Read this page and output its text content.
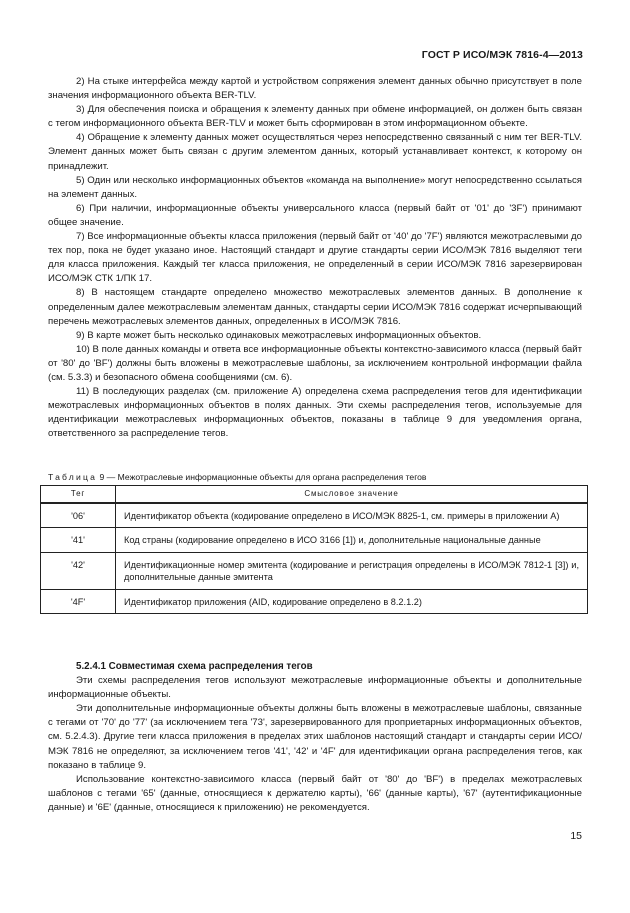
ГОСТ Р ИСО/МЭК 7816-4—2013

2) На стыке интерфейса между картой и устройством сопряжения элемент данных обычно присутствует в поле значения информационного объекта BER-TLV.

3) Для обеспечения поиска и обращения к элементу данных при обмене информацией, он должен быть связан с тегом информационного объекта BER-TLV и может быть сформирован в этом информационном объекте.

4) Обращение к элементу данных может осуществляться через непосредственно связанный с ним тег BER-TLV. Элемент данных может быть связан с другим элементом данных, который устанавливает контекст, к которому он принадлежит.

5) Один или несколько информационных объектов «команда на выполнение» могут непосредственно ссылаться на элемент данных.

6) При наличии, информационные объекты универсального класса (первый байт от '01' до '3F') принимают общее значение.

7) Все информационные объекты класса приложения (первый байт от '40' до '7F') являются межотраслевыми до тех пор, пока не будет указано иное. Настоящий стандарт и другие стандарты серии ИСО/МЭК 7816 выделяют теги для класса приложения. Каждый тег класса приложения, не определенный в серии ИСО/МЭК 7816 зарезервирован ИСО/МЭК СТК 1/ПК 17.

8) В настоящем стандарте определено множество межотраслевых элементов данных. В дополнение к определенным далее межотраслевым элементам данных, стандарты серии ИСО/МЭК 7816 содержат исчерпывающий перечень межотраслевых элементов данных, определенных в ИСО/МЭК 7816.

9) В карте может быть несколько одинаковых межотраслевых информационных объектов.

10) В поле данных команды и ответа все информационные объекты контекстно-зависимого класса (первый байт от '80' до 'BF') должны быть вложены в межотраслевые шаблоны, за исключением контрольной информации файла (см. 5.3.3) и безопасного обмена сообщениями (см. 6).

11) В последующих разделах (см. приложение А) определена схема распределения тегов для идентификации межотраслевых информационных объектов в полях данных. Эти схемы распределения тегов, используемые для идентификации межотраслевых информационных объектов, показаны в таблице 9 для уведомления органа, ответственного за распределение тегов.

Таблица 9 — Межотраслевые информационные объекты для органа распределения тегов
Тег	Смысловое значение
'06'	Идентификатор объекта (кодирование определено в ИСО/МЭК 8825-1, см. примеры в приложении А)
'41'	Код страны (кодирование определено в ИСО 3166 [1]) и, дополнительные национальные данные
'42'	Идентификационные номер эмитента (кодирование и регистрация определены в ИСО/МЭК 7812-1 [3]) и, дополнительные данные эмитента
'4F'	Идентификатор приложения (AID, кодирование определено в 8.2.1.2)
5.2.4.1 Совместимая схема распределения тегов

Эти схемы распределения тегов используют межотраслевые информационные объекты и дополнительные информационные объекты.

Эти дополнительные информационные объекты должны быть вложены в межотраслевые шаблоны, связанные с тегами от '70' до '77' (за исключением тега '73', зарезервированного для проприетарных информационных объектов, см. 5.2.4.3). Другие теги класса приложения в пределах этих шаблонов настоящий стандарт и стандарты серии ИСО/МЭК 7816 не определяют, за исключением тегов '41', '42' и '4F' для идентификации органа распределения тегов, как показано в таблице 9.

Использование контекстно-зависимого класса (первый байт от '80' до 'BF') в пределах межотраслевых шаблонов с тегами '65' (данные, относящиеся к держателю карты), '66' (данные карты), '67' (аутентификационные данные) и '6E' (данные, относящиеся к приложению) не рекомендуется.

15
